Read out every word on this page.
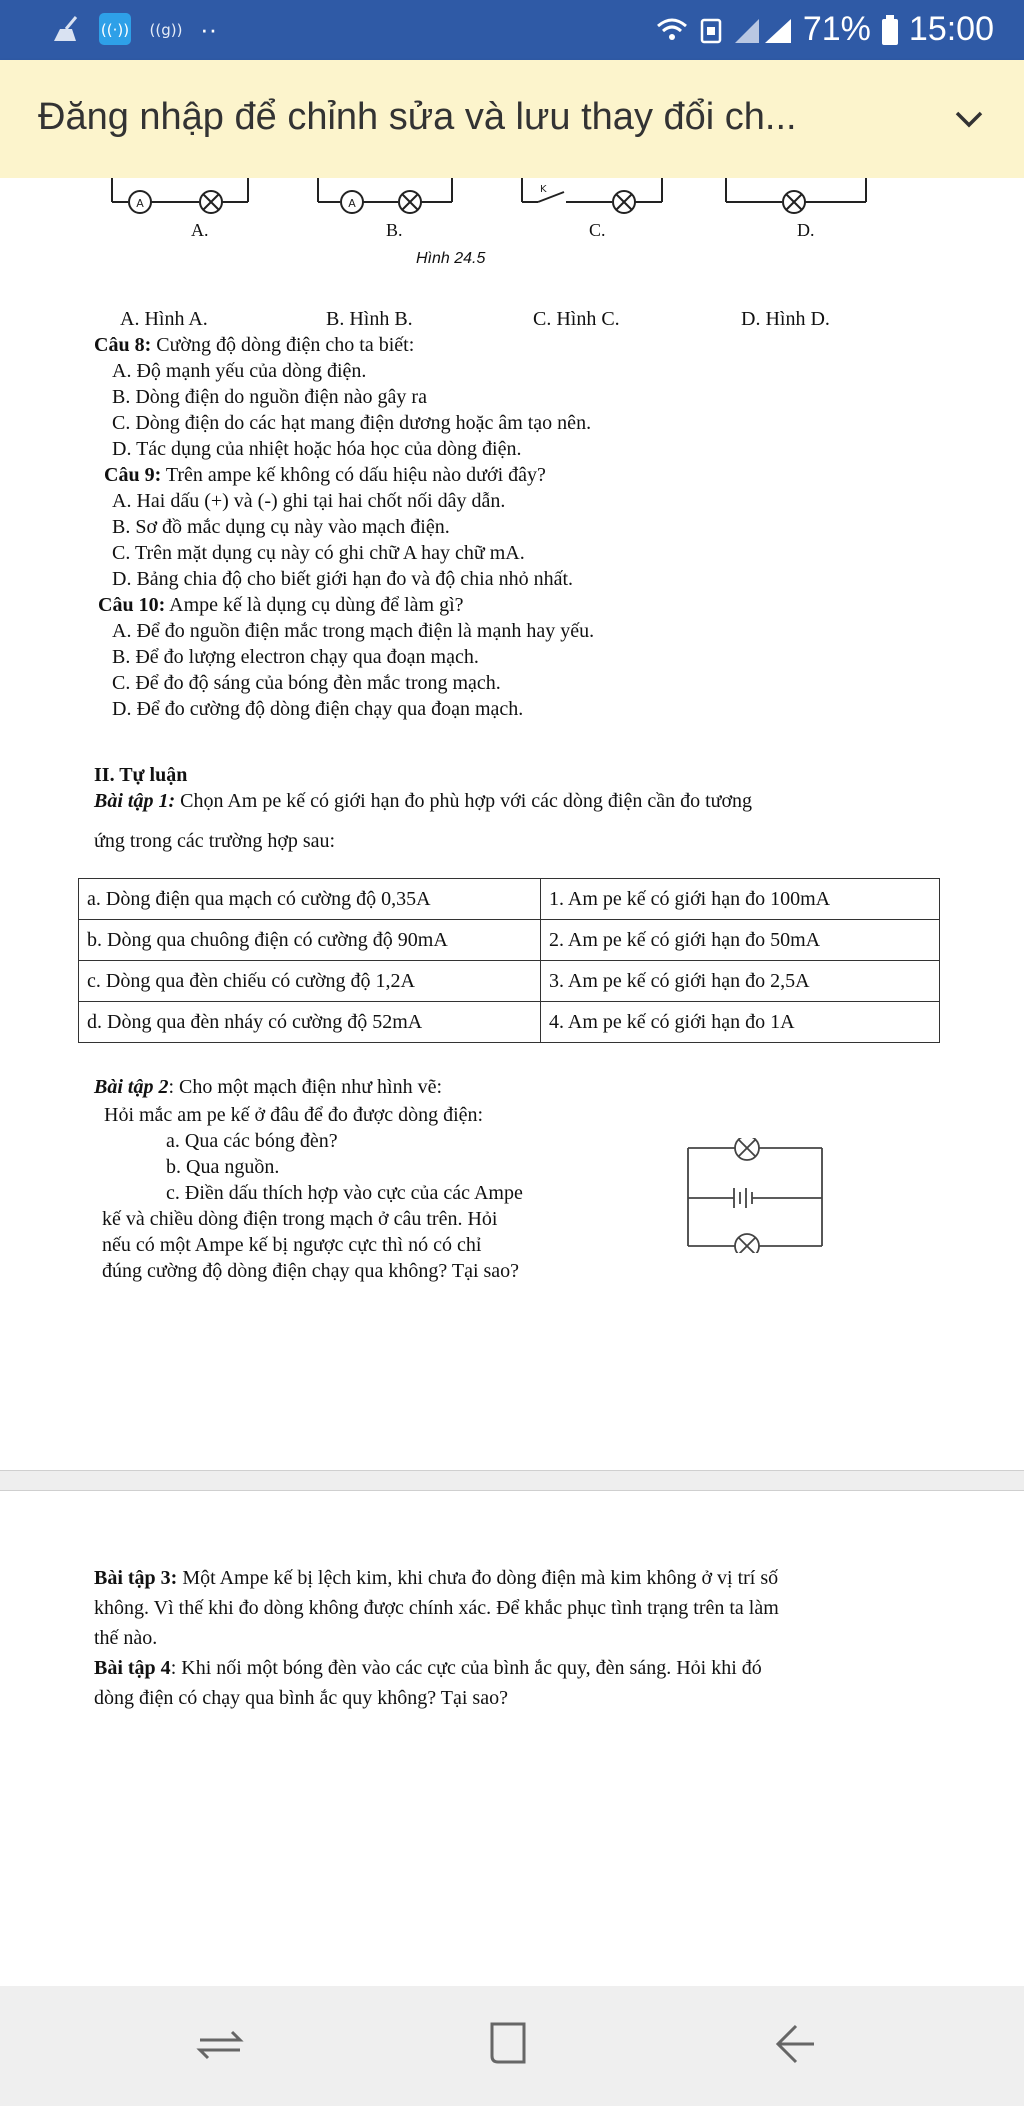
((·)) ((g)) ··	71% 15:00
Đăng nhập để chỉnh sửa và lưu thay đổi ch...
A	A
K
A.	B.	C.	D.
Hình 24.5
A. Hình A.	B. Hình B.	C. Hình C.	D. Hình D.
Câu 8: Cường độ dòng điện cho ta biết:
A. Độ mạnh yếu của dòng điện.
B. Dòng điện do nguồn điện nào gây ra
C. Dòng điện do các hạt mang điện dương hoặc âm tạo nên.
D. Tác dụng của nhiệt hoặc hóa học của dòng điện.
Câu 9: Trên ampe kế không có dấu hiệu nào dưới đây?
A. Hai dấu (+) và (-) ghi tại hai chốt nối dây dẫn.
B. Sơ đồ mắc dụng cụ này vào mạch điện.
C. Trên mặt dụng cụ này có ghi chữ A hay chữ mA.
D. Bảng chia độ cho biết giới hạn đo và độ chia nhỏ nhất.
Câu 10: Ampe kế là dụng cụ dùng để làm gì?
A. Để đo nguồn điện mắc trong mạch điện là mạnh hay yếu.
B. Để đo lượng electron chạy qua đoạn mạch.
C. Để đo độ sáng của bóng đèn mắc trong mạch.
D. Để đo cường độ dòng điện chạy qua đoạn mạch.
II. Tự luận
Bài tập 1: Chọn Am pe kế có giới hạn đo phù hợp với các dòng điện cần đo tương
ứng trong các trường hợp sau:
a. Dòng điện qua mạch có cường độ 0,35A	1. Am pe kế có giới hạn đo 100mA
b. Dòng qua chuông điện có cường độ 90mA	2. Am pe kế có giới hạn đo 50mA
c. Dòng qua đèn chiếu có cường độ 1,2A	3. Am pe kế có giới hạn đo 2,5A
d. Dòng qua đèn nháy có cường độ 52mA	4. Am pe kế có giới hạn đo 1A
Bài tập 2: Cho một mạch điện như hình vẽ:
Hỏi mắc am pe kế ở đâu để đo được dòng điện:
a. Qua các bóng đèn?
b. Qua nguồn.
c. Điền dấu thích hợp vào cực của các Ampe
kế và chiều dòng điện trong mạch ở câu trên. Hỏi
nếu có một Ampe kế bị ngược cực thì nó có chỉ
đúng cường độ dòng điện chạy qua không? Tại sao?
Bài tập 3: Một Ampe kế bị lệch kim, khi chưa đo dòng điện mà kim không ở vị trí số
không. Vì thế khi đo dòng không được chính xác. Để khắc phục tình trạng trên ta làm
thế nào.
Bài tập 4: Khi nối một bóng đèn vào các cực của bình ắc quy, đèn sáng. Hỏi khi đó
dòng điện có chạy qua bình ắc quy không? Tại sao?
